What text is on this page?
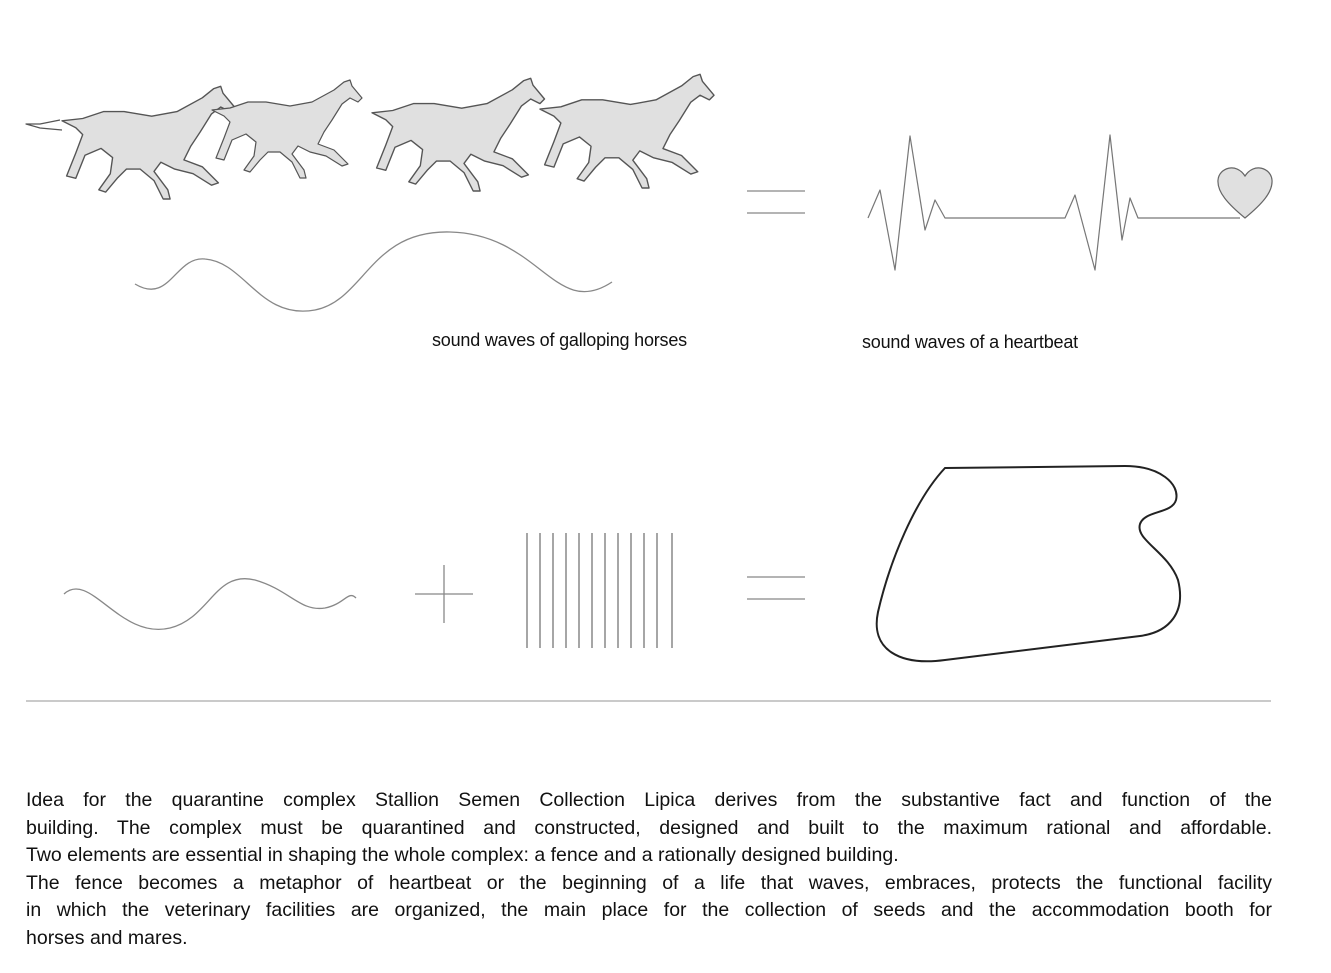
sound waves of galloping horses	sound waves of a heartbeat

Idea for the quarantine complex Stallion Semen Collection Lipica derives from the substantive fact and function of the

building. The complex must be quarantined and constructed, designed and built to the maximum rational and affordable.

Two elements are essential in shaping the whole complex: a fence and a rationally designed building.

The fence becomes a metaphor of heartbeat or the beginning of a life that waves, embraces, protects the functional facility

in which the veterinary facilities are organized, the main place for the collection of seeds and the accommodation booth for

horses and mares.
